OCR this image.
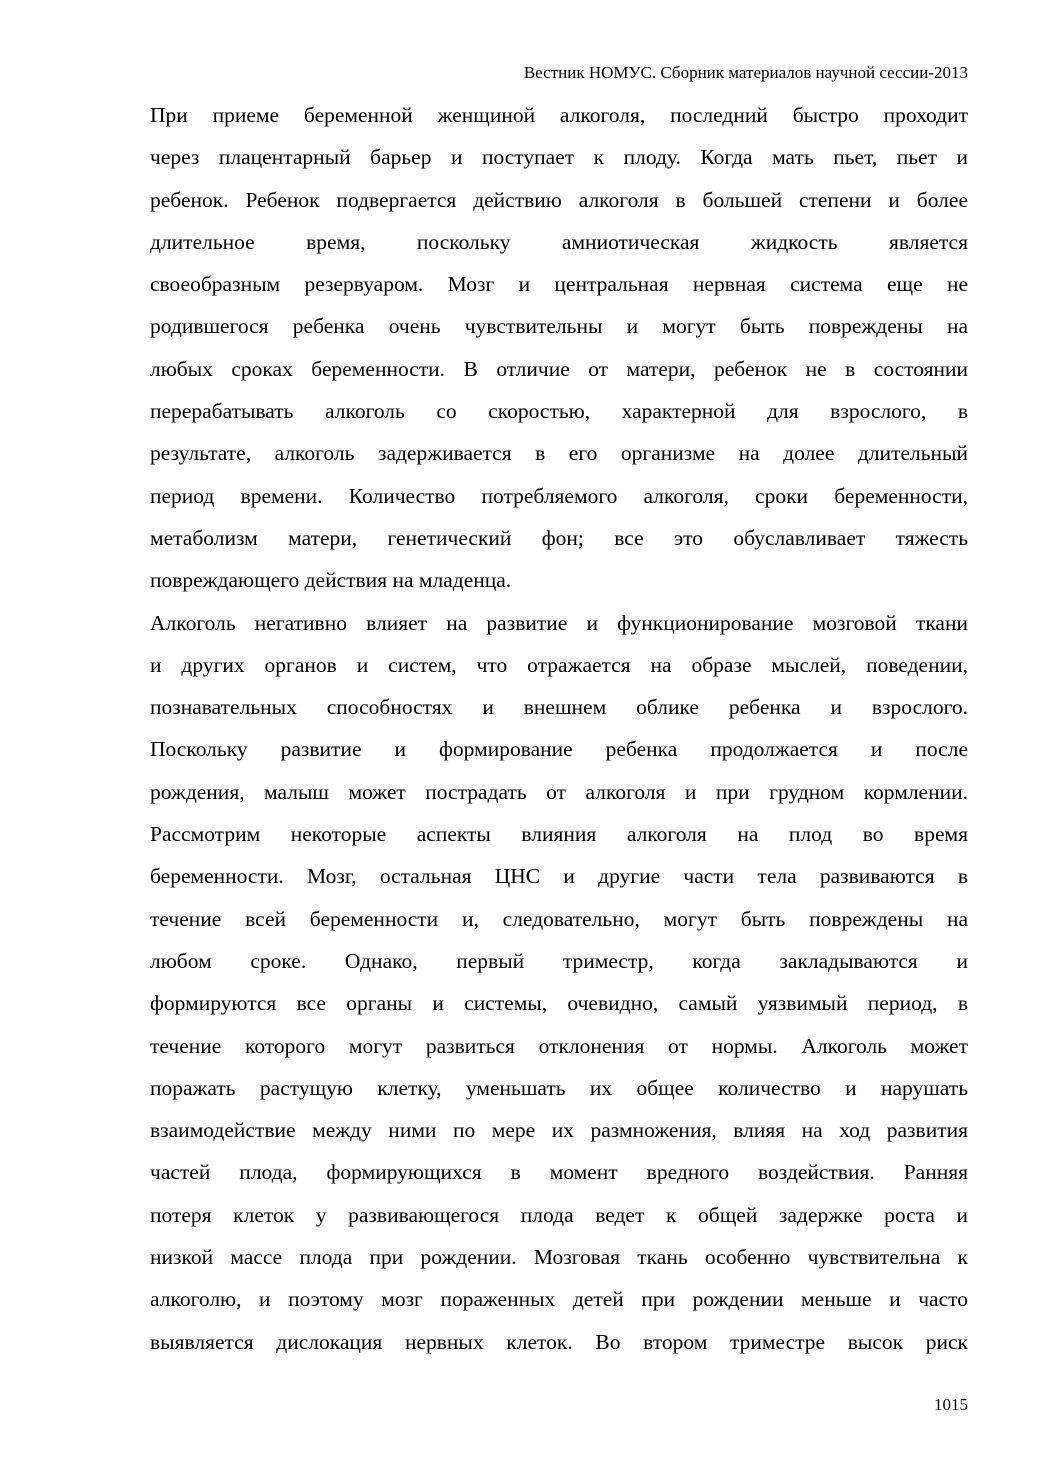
Вестник НОМУС. Сборник материалов научной сессии-2013
При приеме беременной женщиной алкоголя, последний быстро проходит
через плацентарный барьер и поступает к плоду. Когда мать пьет, пьет и
ребенок. Ребенок подвергается действию алкоголя в большей степени и более
длительное время, поскольку амниотическая жидкость является
своеобразным резервуаром. Мозг и центральная нервная система еще не
родившегося ребенка очень чувствительны и могут быть повреждены на
любых сроках беременности. В отличие от матери, ребенок не в состоянии
перерабатывать алкоголь со скоростью, характерной для взрослого, в
результате, алкоголь задерживается в его организме на долее длительный
период времени. Количество потребляемого алкоголя, сроки беременности,
метаболизм матери, генетический фон; все это обуславливает тяжесть
повреждающего действия на младенца.
Алкоголь негативно влияет на развитие и функционирование мозговой ткани
и других органов и систем, что отражается на образе мыслей, поведении,
познавательных способностях и внешнем облике ребенка и взрослого.
Поскольку развитие и формирование ребенка продолжается и после
рождения, малыш может пострадать от алкоголя и при грудном кормлении.
Рассмотрим некоторые аспекты влияния алкоголя на плод во время
беременности. Мозг, остальная ЦНС и другие части тела развиваются в
течение всей беременности и, следовательно, могут быть повреждены на
любом сроке. Однако, первый триместр, когда закладываются и
формируются все органы и системы, очевидно, самый уязвимый период, в
течение которого могут развиться отклонения от нормы. Алкоголь может
поражать растущую клетку, уменьшать их общее количество и нарушать
взаимодействие между ними по мере их размножения, влияя на ход развития
частей плода, формирующихся в момент вредного воздействия. Ранняя
потеря клеток у развивающегося плода ведет к общей задержке роста и
низкой массе плода при рождении. Мозговая ткань особенно чувствительна к
алкоголю, и поэтому мозг пораженных детей при рождении меньше и часто
выявляется дислокация нервных клеток. Во втором триместре высок риск
1015
